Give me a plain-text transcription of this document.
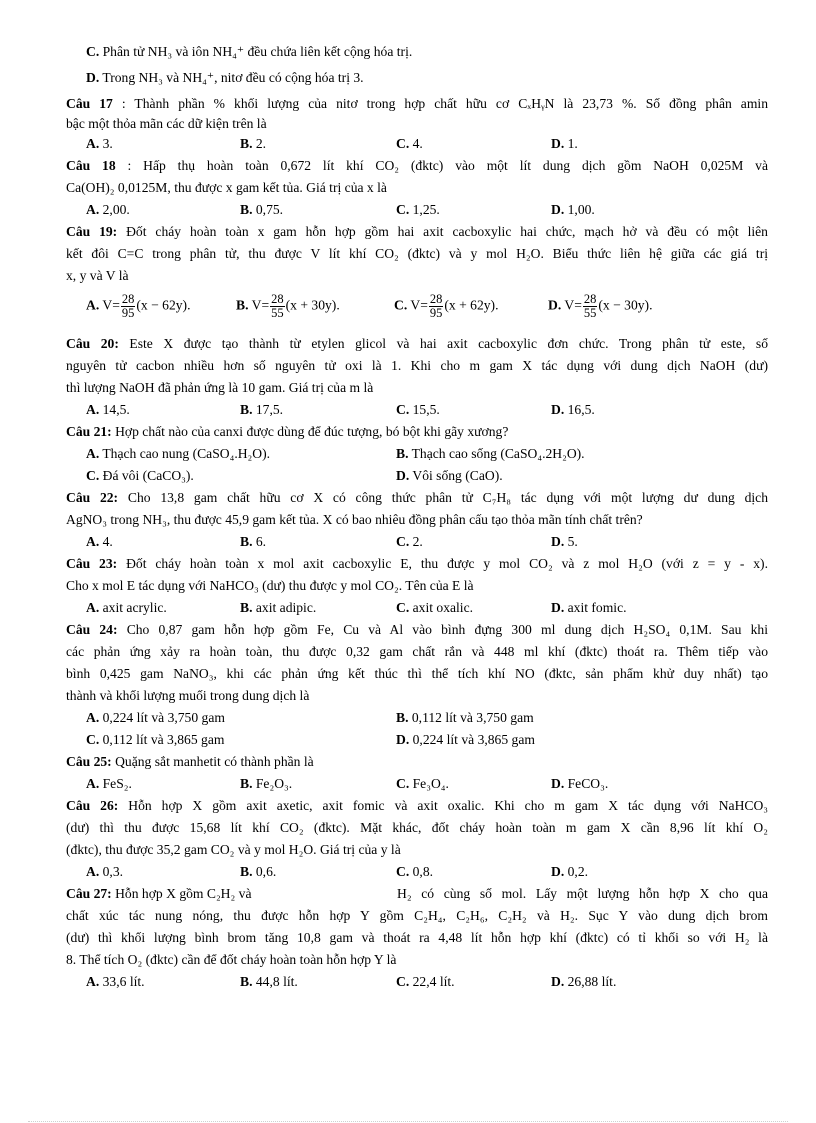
C. Phân tử NH₃ và iôn NH₄⁺ đều chứa liên kết cộng hóa trị.
D. Trong NH₃ và NH₄⁺, nitơ đều có cộng hóa trị 3.
Câu 17 : Thành phần % khối lượng của nitơ trong hợp chất hữu cơ CₓHᵧN là 23,73 %. Số đồng phân amin
bậc một thỏa mãn các dữ kiện trên là
A. 3.	B. 2.	C. 4.	D. 1.
Câu 18 : Hấp thụ hoàn toàn 0,672 lít khí CO₂ (đktc) vào một lít dung dịch gồm NaOH 0,025M và
Ca(OH)₂ 0,0125M, thu được x gam kết tủa. Giá trị của x là
A. 2,00.	B. 0,75.	C. 1,25.	D. 1,00.
Câu 19: Đốt cháy hoàn toàn x gam hỗn hợp gồm hai axit cacboxylic hai chức, mạch hở và đều có một liên
kết đôi C=C trong phân tử, thu được V lít khí CO₂ (đktc) và y mol H₂O. Biểu thức liên hệ giữa các giá trị
x, y và V là
A. $V= \frac{28}{95} (x - 62y)$.	B. $V= \frac{28}{55} (x + 30y)$.	C. $V= \frac{28}{95} (x + 62y)$.	D. $V= \frac{28}{55} (x - 30y)$.
Câu 20: Este X được tạo thành từ etylen glicol và hai axit cacboxylic đơn chức. Trong phân tử este, số
nguyên tử cacbon nhiều hơn số nguyên tử oxi là 1. Khi cho m gam X tác dụng với dung dịch NaOH (dư)
thì lượng NaOH đã phản ứng là 10 gam. Giá trị của m là
A. 14,5.	B. 17,5.	C. 15,5.	D. 16,5.
Câu 21: Hợp chất nào của canxi được dùng để đúc tượng, bó bột khi gãy xương?
A. Thạch cao nung (CaSO₄.H₂O).	B. Thạch cao sống (CaSO₄.2H₂O).
C. Đá vôi (CaCO₃).	D. Vôi sống (CaO).
Câu 22: Cho 13,8 gam chất hữu cơ X có công thức phân tử C₇H₈ tác dụng với một lượng dư dung dịch
AgNO₃ trong NH₃, thu được 45,9 gam kết tủa. X có bao nhiêu đồng phân cấu tạo thỏa mãn tính chất trên?
A. 4.	B. 6.	C. 2.	D. 5.
Câu 23: Đốt cháy hoàn toàn x mol axit cacboxylic E, thu được y mol CO₂ và z mol H₂O (với z = y - x).
Cho x mol E tác dụng với NaHCO₃ (dư) thu được y mol CO₂. Tên của E là
A. axit acrylic.	B. axit adipic.	C. axit oxalic.	D. axit fomic.
Câu 24: Cho 0,87 gam hỗn hợp gồm Fe, Cu và Al vào bình đựng 300 ml dung dịch H₂SO₄ 0,1M. Sau khi
các phản ứng xảy ra hoàn toàn, thu được 0,32 gam chất rắn và 448 ml khí (đktc) thoát ra. Thêm tiếp vào
bình 0,425 gam NaNO₃, khi các phản ứng kết thúc thì thể tích khí NO (đktc, sản phẩm khử duy nhất) tạo
thành và khối lượng muối trong dung dịch là
A. 0,224 lít và 3,750 gam	B. 0,112 lít và 3,750 gam
C. 0,112 lít và 3,865 gam	D. 0,224 lít và 3,865 gam
Câu 25: Quặng sắt manhetit có thành phần là
A. FeS₂.	B. Fe₂O₃.	C. Fe₃O₄.	D. FeCO₃.
Câu 26: Hỗn hợp X gồm axit axetic, axit fomic và axit oxalic. Khi cho m gam X tác dụng với NaHCO₃
(dư) thì thu được 15,68 lít khí CO₂ (đktc). Mặt khác, đốt cháy hoàn toàn m gam X cần 8,96 lít khí O₂
(đktc), thu được 35,2 gam CO₂ và y mol H₂O. Giá trị của y là
A. 0,3.	B. 0,6.	C. 0,8.	D. 0,2.
Câu 27: Hỗn hợp X gồm C₂H₂ và	H₂ có cùng số mol. Lấy một lượng hỗn hợp X cho qua
chất xúc tác nung nóng, thu được hỗn hợp Y gồm C₂H₄, C₂H₆, C₂H₂ và H₂. Sục Y vào dung dịch brom
(dư) thì khối lượng bình brom tăng 10,8 gam và thoát ra 4,48 lít hỗn hợp khí (đktc) có tỉ khối so với H₂ là
8. Thể tích O₂ (đktc) cần để đốt cháy hoàn toàn hỗn hợp Y là
A. 33,6 lít.	B. 44,8 lít.	C. 22,4 lít.	D. 26,88 lít.
